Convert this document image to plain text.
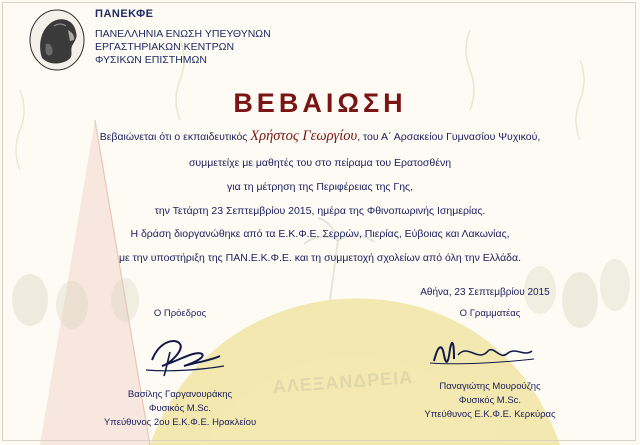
ΑΛΕΞΑΝΔΡΕΙΑ
ΠΑΝΕΚΦΕ
ΠΑΝΕΛΛΗΝΙΑ ΕΝΩΣΗ ΥΠΕΥΘΥΝΩΝ
ΕΡΓΑΣΤΗΡΙΑΚΩΝ ΚΕΝΤΡΩΝ
ΦΥΣΙΚΩΝ ΕΠΙΣΤΗΜΩΝ
ΒΕΒΑΙΩΣΗ
Βεβαιώνεται ότι ο εκπαιδευτικός Χρήστος Γεωργίου, του Α΄ Αρσακείου Γυμνασίου Ψυχικού,
συμμετείχε με μαθητές του στο πείραμα του Ερατοσθένη
για τη μέτρηση της Περιφέρειας της Γης,
την Τετάρτη 23 Σεπτεμβρίου 2015, ημέρα της Φθινοπωρινής Ισημερίας.
Η δράση διοργανώθηκε από τα Ε.Κ.Φ.Ε. Σερρών, Πιερίας, Εύβοιας και Λακωνίας,
με την υποστήριξη της ΠΑΝ.Ε.Κ.Φ.Ε. και τη συμμετοχή σχολείων από όλη την Ελλάδα.
Αθήνα, 23 Σεπτεμβρίου 2015
Ο Πρόεδρος
Βασίλης Γαργανουράκης
Φυσικός M.Sc.
Υπεύθυνος 2ου Ε.Κ.Φ.Ε. Ηρακλείου
Ο Γραμματέας
Παναγιώτης Μουρούζης
Φυσικός M.Sc.
Υπεύθυνος Ε.Κ.Φ.Ε. Κερκύρας
